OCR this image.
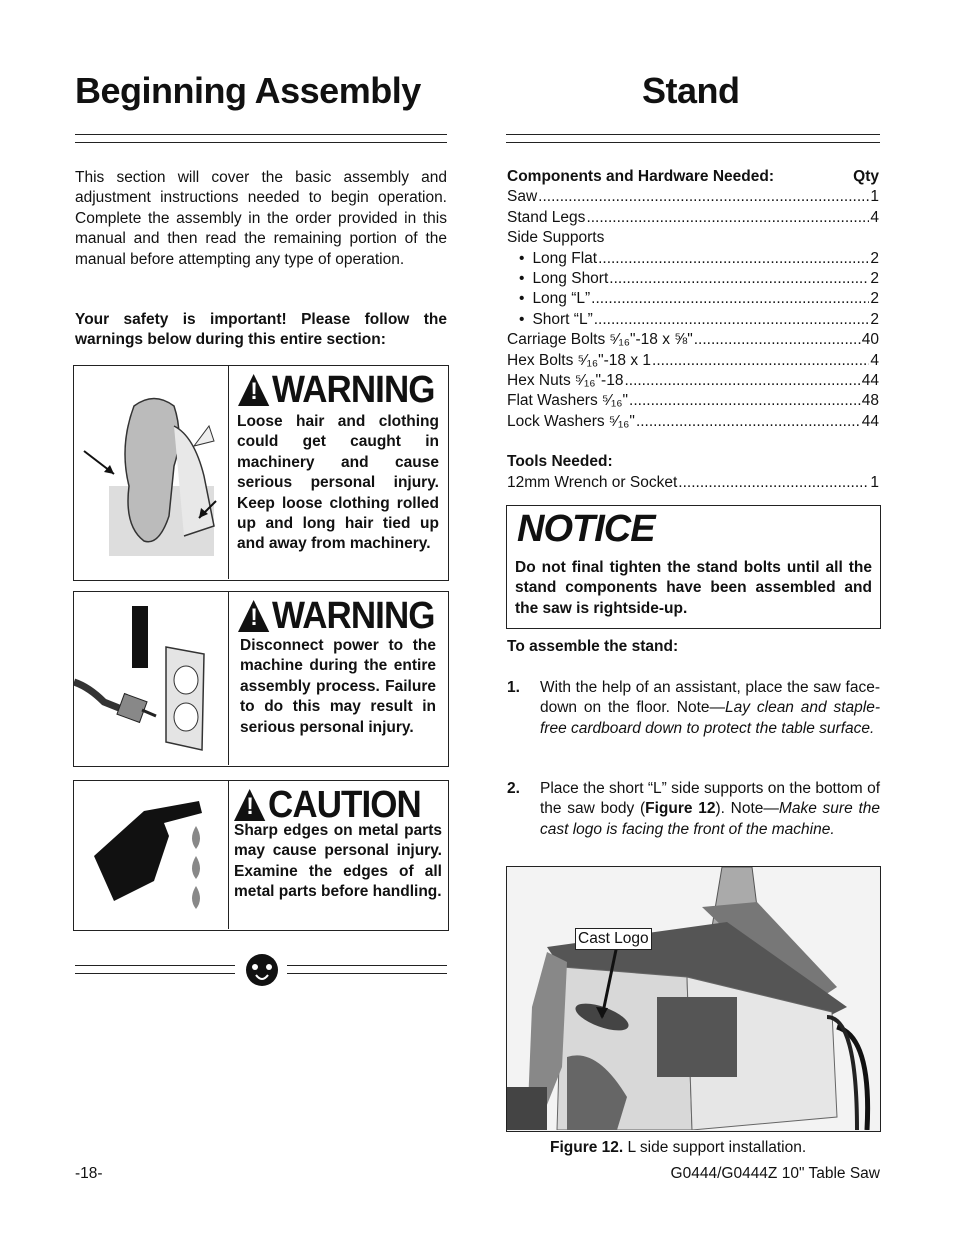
Beginning Assembly
This section will cover the basic assembly and adjustment instructions needed to begin operation. Complete the assembly in the order provided in this manual and then read the remaining portion of the manual before attempting any type of operation.
Your safety is important! Please follow the warnings below during this entire section:
! WARNING
Loose hair and clothing could get caught in machinery and cause serious personal injury. Keep loose clothing rolled up and long hair tied up and away from machinery.
! WARNING
Disconnect power to the machine during the entire assembly process. Failure to do this may result in serious personal injury.
! CAUTION
Sharp edges on metal parts may cause personal injury. Examine the edges of all metal parts before handling.
Stand
Components and Hardware Needed:	Qty
Saw .....	1
Stand Legs .....	4
Side Supports
• Long Flat .....	2
• Long Short .....	2
• Long “L” .....	2
• Short “L” .....	2
Carriage Bolts ⁵⁄₁₆"-18 x ⅝" .....	40
Hex Bolts ⁵⁄₁₆"-18 x 1 .....	4
Hex Nuts ⁵⁄₁₆"-18 .....	44
Flat Washers ⁵⁄₁₆" .....	48
Lock Washers ⁵⁄₁₆" .....	44
Tools Needed:
12mm Wrench or Socket .....	1
NOTICE
Do not final tighten the stand bolts until all the stand components have been assembled and the saw is rightside-up.
To assemble the stand:
1.	With the help of an assistant, place the saw face-down on the floor. Note—Lay clean and staple-free cardboard down to protect the table surface.
2.	Place the short “L” side supports on the bottom of the saw body (Figure 12). Note—Make sure the cast logo is facing the front of the machine.
Cast Logo
Figure 12. L side support installation.
-18-	G0444/G0444Z 10" Table Saw
